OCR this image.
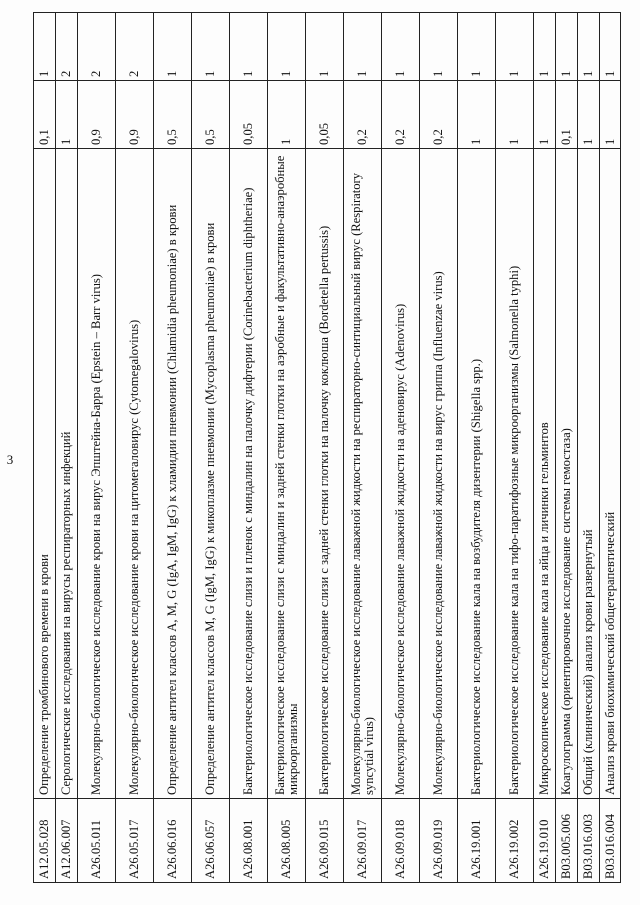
3
A12.05.028	Определение тромбинового времени в крови	0,1	1
A12.06.007	Серологические исследования на вирусы респираторных инфекций	1	2
A26.05.011	Молекулярно-биологическое исследование крови на вирус Эпштейна-Барра (Epstein – Barr virus)	0,9	2
A26.05.017	Молекулярно-биологическое исследование крови на цитомегаловирус (Cytomegalovirus)	0,9	2
A26.06.016	Определение антител классов A, M, G (IgA, IgM, IgG) к хламидии пневмонии (Chlamidia pheumoniae) в крови	0,5	1
A26.06.057	Определение антител классов M, G (IgM, IgG) к микоплазме пневмонии (Mycoplasma pheumoniae) в крови	0,5	1
A26.08.001	Бактериологическое исследование слизи и пленок с миндалин на палочку дифтерии (Corinebacterium diphtheriae)	0,05	1
A26.08.005	Бактериологическое исследование слизи с миндалин и задней стенки глотки на аэробные и факультативно-анаэробные микроорганизмы	1	1
A26.09.015	Бактериологическое исследование слизи с задней стенки глотки на палочку коклюша (Bordetella pertussis)	0,05	1
A26.09.017	Молекулярно-биологическое исследование лаважной жидкости на респираторно-синтициальный вирус (Respiratory syncytial virus)	0,2	1
A26.09.018	Молекулярно-биологическое исследование лаважной жидкости на аденовирус (Adenovirus)	0,2	1
A26.09.019	Молекулярно-биологическое исследование лаважной жидкости на вирус гриппа (Influenzae virus)	0,2	1
A26.19.001	Бактериологическое исследование кала на возбудителя дизентерии (Shigella spp.)	1	1
A26.19.002	Бактериологическое исследование кала на тифо-паратифозные микроорганизмы (Salmonella typhi)	1	1
A26.19.010	Микроскопическое исследование кала на яйца и личинки гельминтов	1	1
B03.005.006	Коагулограмма (ориентировочное исследование системы гемостаза)	0,1	1
B03.016.003	Общий (клинический) анализ крови развернутый	1	1
B03.016.004	Анализ крови биохимический общетерапевтический	1	1
